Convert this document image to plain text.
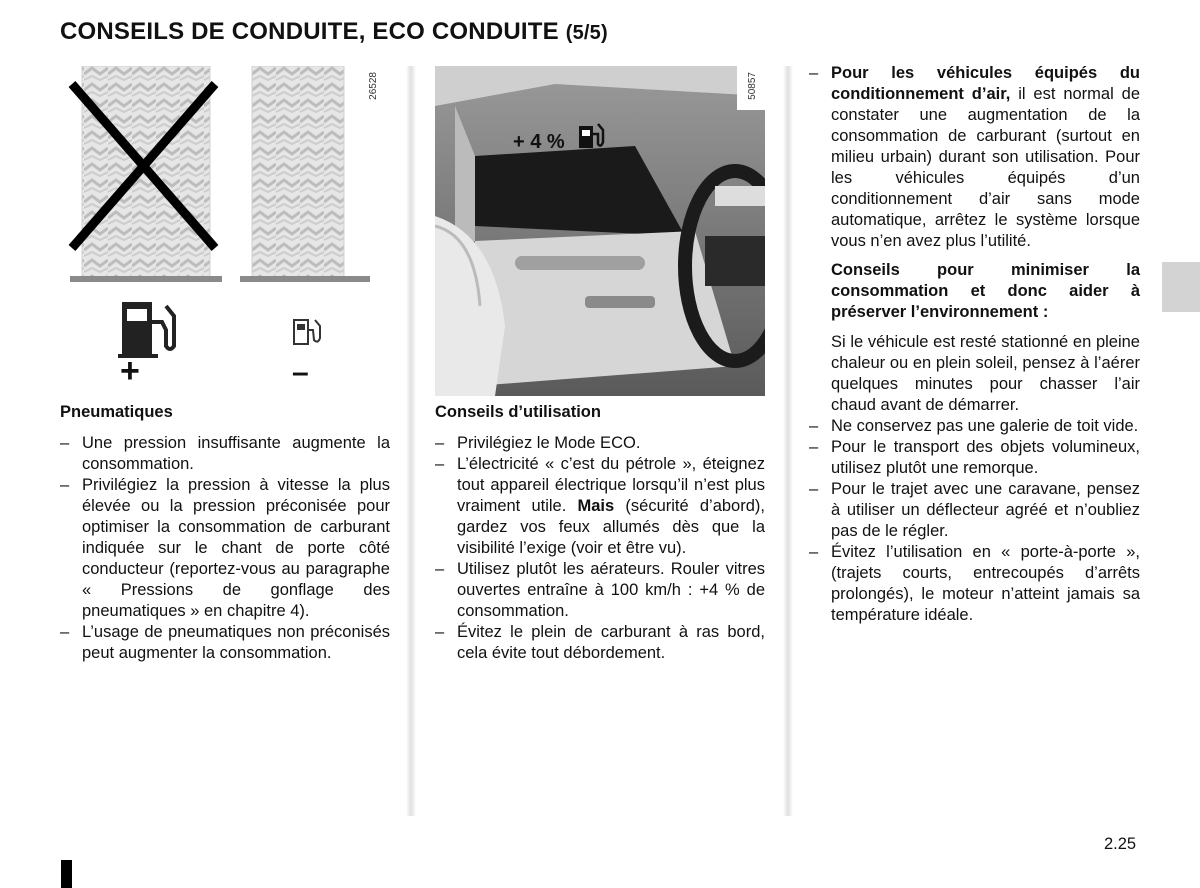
CONSEILS DE CONDUITE, ECO CONDUITE (5/5)
26528
+	–
+ 4 %
50857
Pneumatiques
– Une pression insuffisante augmente la consommation.
– Privilégiez la pression à vitesse la plus élevée ou la pression préconisée pour optimiser la consommation de carburant indiquée sur le chant de porte côté conducteur (reportez-vous au paragraphe « Pressions de gonflage des pneumatiques » en chapitre 4).
– L’usage de pneumatiques non préconisés peut augmenter la consommation.
Conseils d’utilisation
– Privilégiez le Mode ECO.
– L’électricité « c’est du pétrole », éteignez tout appareil électrique lorsqu’il n’est plus vraiment utile. Mais (sécurité d’abord), gardez vos feux allumés dès que la visibilité l’exige (voir et être vu).
– Utilisez plutôt les aérateurs. Rouler vitres ouvertes entraîne à 100 km/h : +4 % de consommation.
– Évitez le plein de carburant à ras bord, cela évite tout débordement.
– Pour les véhicules équipés du conditionnement d’air, il est normal de constater une augmentation de la consommation de carburant (surtout en milieu urbain) durant son utilisation. Pour les véhicules équipés d’un conditionnement d’air sans mode automatique, arrêtez le système lorsque vous n’en avez plus l’utilité.

Conseils pour minimiser la consommation et donc aider à préserver l’environnement :

Si le véhicule est resté stationné en pleine chaleur ou en plein soleil, pensez à l’aérer quelques minutes pour chasser l’air chaud avant de démarrer.

– Ne conservez pas une galerie de toit vide.
– Pour le transport des objets volumineux, utilisez plutôt une remorque.
– Pour le trajet avec une caravane, pensez à utiliser un déflecteur agréé et n’oubliez pas de le régler.
– Évitez l’utilisation en « porte-à-porte », (trajets courts, entrecoupés d’arrêts prolongés), le moteur n’atteint jamais sa température idéale.
2.25
